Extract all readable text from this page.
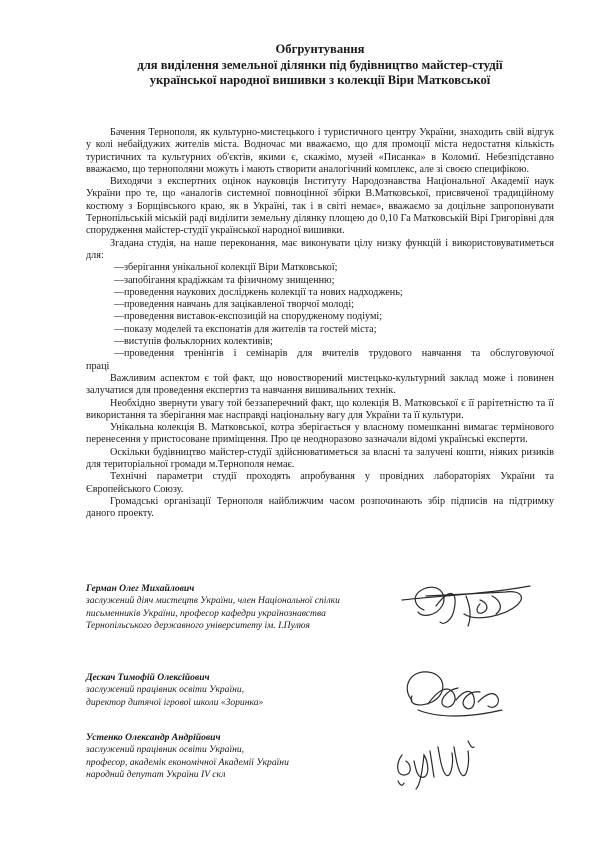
Обгрунтування
для виділення земельної ділянки під будівництво майстер-студії
української народної вишивки з колекції Віри Матковської

Бачення Тернополя, як культурно-мистецького і туристичного центру України, знаходить свій відгук у колі небайдужих жителів міста. Водночас ми вважаємо, що для промоції міста недостатня кількість туристичних та культурних об'єктів, якими є, скажімо, музей «Писанка» в Коломиї. Небезпідставно вважаємо, що тернополяни можуть і мають створити аналогічний комплекс, але зі своєю специфікою.

Виходячи з експертних оцінок науковців Інституту Народознавства Національної Академії наук України про те, що «аналогів системної повноцінної збірки В.Матковської, присвяченої традиційному костюму з Борщівського краю, як в Україні, так і в світі немає», вважаємо за доцільне запропонувати Тернопільській міській раді виділити земельну ділянку площею до 0,10 Га Матковській Вірі Григорівні для спорудження майстер-студії української народної вишивки.

Згадана студія, на наше переконання, має виконувати цілу низку функцій і використовуватиметься для:

—зберігання унікальної колекції Віри Матковської;

—запобігання крадіжкам та фізичному знищенню;

—проведення наукових досліджень колекції та нових надходжень;

—проведення навчань для зацікавленої творчої молоді;

—проведення виставок-експозицій на спорудженому подіумі;

—показу моделей та експонатів для жителів та гостей міста;

—виступів фольклорних колективів;

—проведення тренінгів і семінарів для вчителів трудового навчання та обслуговуючої

праці

Важливим аспектом є той факт, що новостворений мистецько-культурний заклад може і повинен залучатися для проведення експертиз та навчання вишивальних технік.

Необхідно звернути увагу той беззаперечний факт, що колекція В. Матковської є її рарітетністю та її використання та зберігання має насправді національну вагу для України та її культури.

Унікальна колекція В. Матковської, котра зберігається у власному помешканні вимагає термінового перенесення у пристосоване приміщення. Про це неодноразово зазначали відомі українські експерти.

Оскільки будівництво майстер-студії здійснюватиметься за власні та залучені кошти, ніяких ризиків для територіальної громади м.Тернополя немає.

Технічні параметри студії проходять апробування у провідних лабораторіях України та Європейського Союзу.

Громадські організації Тернополя найближчим часом розпочинають збір підписів на підтримку даного проекту.

Герман Олег Михайлович
заслужений діяч мистецтв України, член Національної спілки
письменників України, професор кафедри українознавства
Тернопільського державного університету ім. І.Пулюя
Дескач Тимофій Олексійович
заслужений працівник освіти України,
директор дитячої ігрової школи «Зоринка»
Устенко Олександр Андрійович
заслужений працівник освіти України,
професор, академік економічної Академії України
народний депутат України IV скл
